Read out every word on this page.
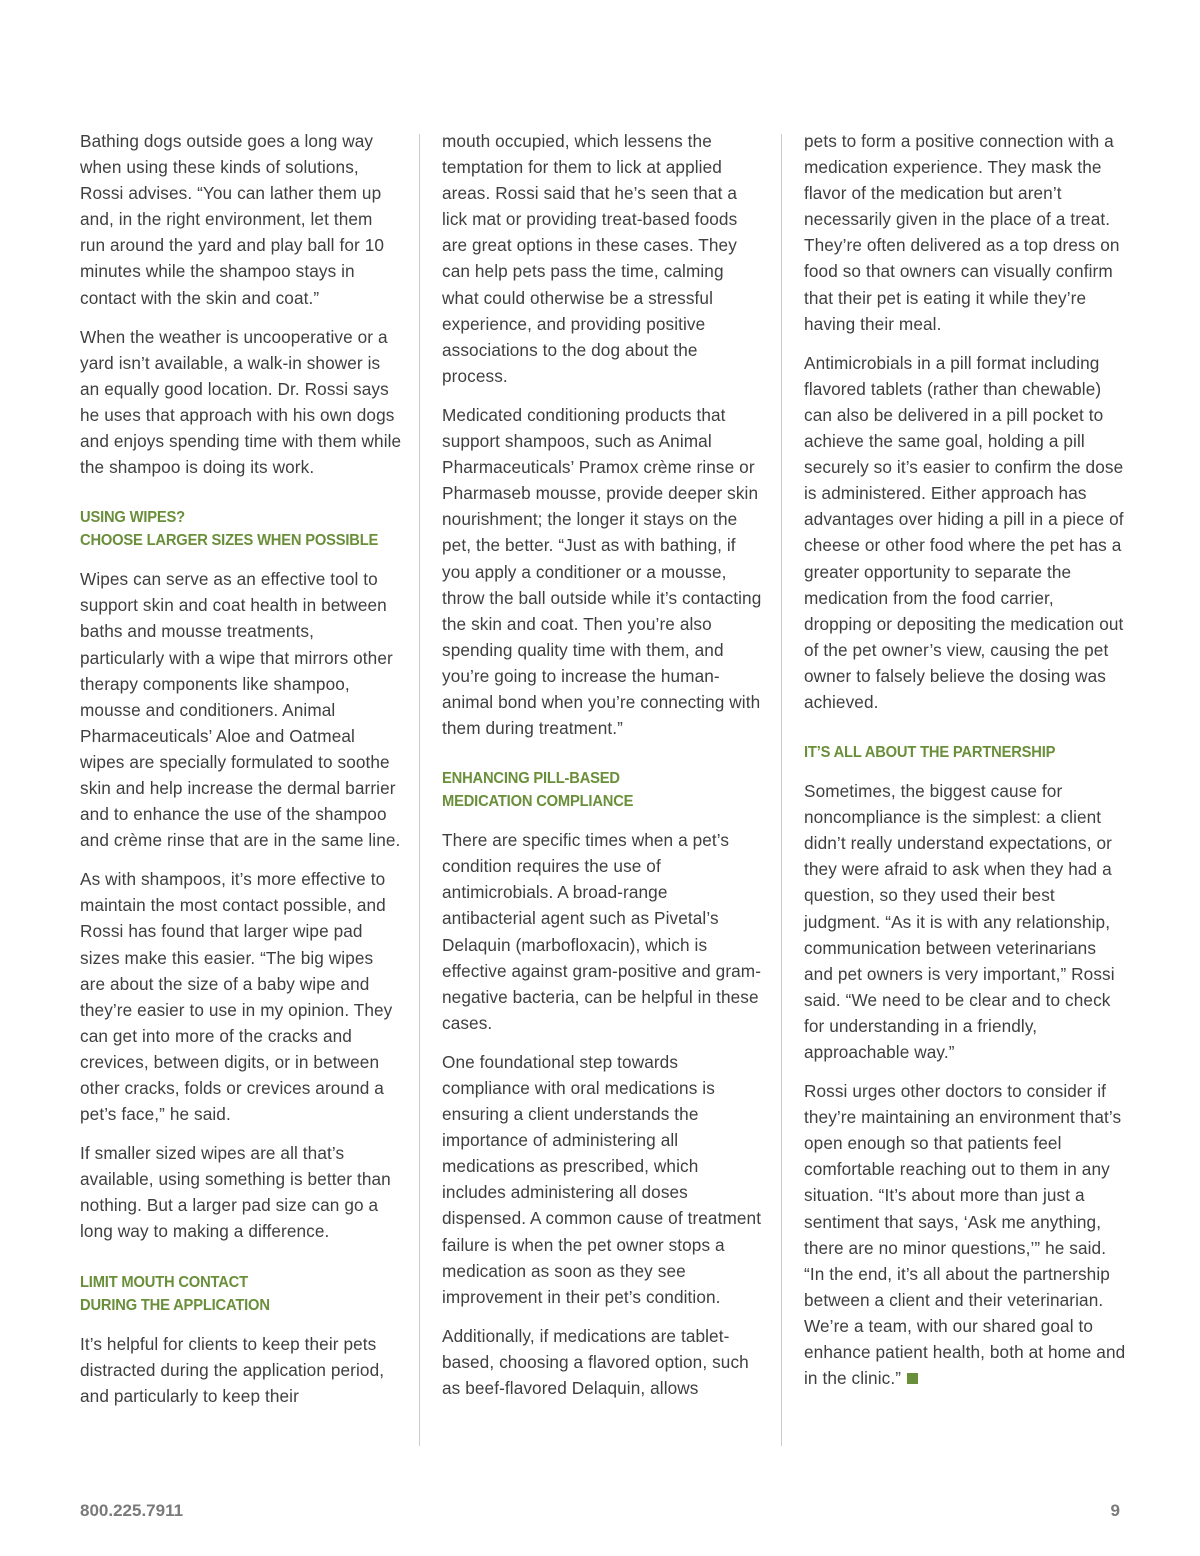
Bathing dogs outside goes a long way when using these kinds of solutions, Rossi advises. “You can lather them up and, in the right environment, let them run around the yard and play ball for 10 minutes while the shampoo stays in contact with the skin and coat.”

When the weather is uncooperative or a yard isn’t available, a walk-in shower is an equally good location. Dr. Rossi says he uses that approach with his own dogs and enjoys spending time with them while the shampoo is doing its work.

USING WIPES?
CHOOSE LARGER SIZES WHEN POSSIBLE

Wipes can serve as an effective tool to support skin and coat health in between baths and mousse treatments, particularly with a wipe that mirrors other therapy components like shampoo, mousse and conditioners. Animal Pharmaceuticals’ Aloe and Oatmeal wipes are specially formulated to soothe skin and help increase the dermal barrier and to enhance the use of the shampoo and crème rinse that are in the same line.

As with shampoos, it’s more effective to maintain the most contact possible, and Rossi has found that larger wipe pad sizes make this easier. “The big wipes are about the size of a baby wipe and they’re easier to use in my opinion. They can get into more of the cracks and crevices, between digits, or in between other cracks, folds or crevices around a pet’s face,” he said.

If smaller sized wipes are all that’s available, using something is better than nothing. But a larger pad size can go a long way to making a difference.

LIMIT MOUTH CONTACT
DURING THE APPLICATION

It’s helpful for clients to keep their pets distracted during the application period, and particularly to keep their

mouth occupied, which lessens the temptation for them to lick at applied areas. Rossi said that he’s seen that a lick mat or providing treat-based foods are great options in these cases. They can help pets pass the time, calming what could otherwise be a stressful experience, and providing positive associations to the dog about the process.

Medicated conditioning products that support shampoos, such as Animal Pharmaceuticals’ Pramox crème rinse or Pharmaseb mousse, provide deeper skin nourishment; the longer it stays on the pet, the better. “Just as with bathing, if you apply a conditioner or a mousse, throw the ball outside while it’s contacting the skin and coat. Then you’re also spending quality time with them, and you’re going to increase the human-animal bond when you’re connecting with them during treatment.”

ENHANCING PILL-BASED
MEDICATION COMPLIANCE

There are specific times when a pet’s condition requires the use of antimicrobials. A broad-range antibacterial agent such as Pivetal’s Delaquin (marbofloxacin), which is effective against gram-positive and gram-negative bacteria, can be helpful in these cases.

One foundational step towards compliance with oral medications is ensuring a client understands the importance of administering all medications as prescribed, which includes administering all doses dispensed. A common cause of treatment failure is when the pet owner stops a medication as soon as they see improvement in their pet’s condition.

Additionally, if medications are tablet-based, choosing a flavored option, such as beef-flavored Delaquin, allows

pets to form a positive connection with a medication experience. They mask the flavor of the medication but aren’t necessarily given in the place of a treat. They’re often delivered as a top dress on food so that owners can visually confirm that their pet is eating it while they’re having their meal.

Antimicrobials in a pill format including flavored tablets (rather than chewable) can also be delivered in a pill pocket to achieve the same goal, holding a pill securely so it’s easier to confirm the dose is administered. Either approach has advantages over hiding a pill in a piece of cheese or other food where the pet has a greater opportunity to separate the medication from the food carrier, dropping or depositing the medication out of the pet owner’s view, causing the pet owner to falsely believe the dosing was achieved.

IT’S ALL ABOUT THE PARTNERSHIP

Sometimes, the biggest cause for noncompliance is the simplest: a client didn’t really understand expectations, or they were afraid to ask when they had a question, so they used their best judgment. “As it is with any relationship, communication between veterinarians and pet owners is very important,” Rossi said. “We need to be clear and to check for understanding in a friendly, approachable way.”

Rossi urges other doctors to consider if they’re maintaining an environment that’s open enough so that patients feel comfortable reaching out to them in any situation. “It’s about more than just a sentiment that says, ‘Ask me anything, there are no minor questions,’” he said. “In the end, it’s all about the partnership between a client and their veterinarian. We’re a team, with our shared goal to enhance patient health, both at home and in the clinic.”

800.225.7911	9
